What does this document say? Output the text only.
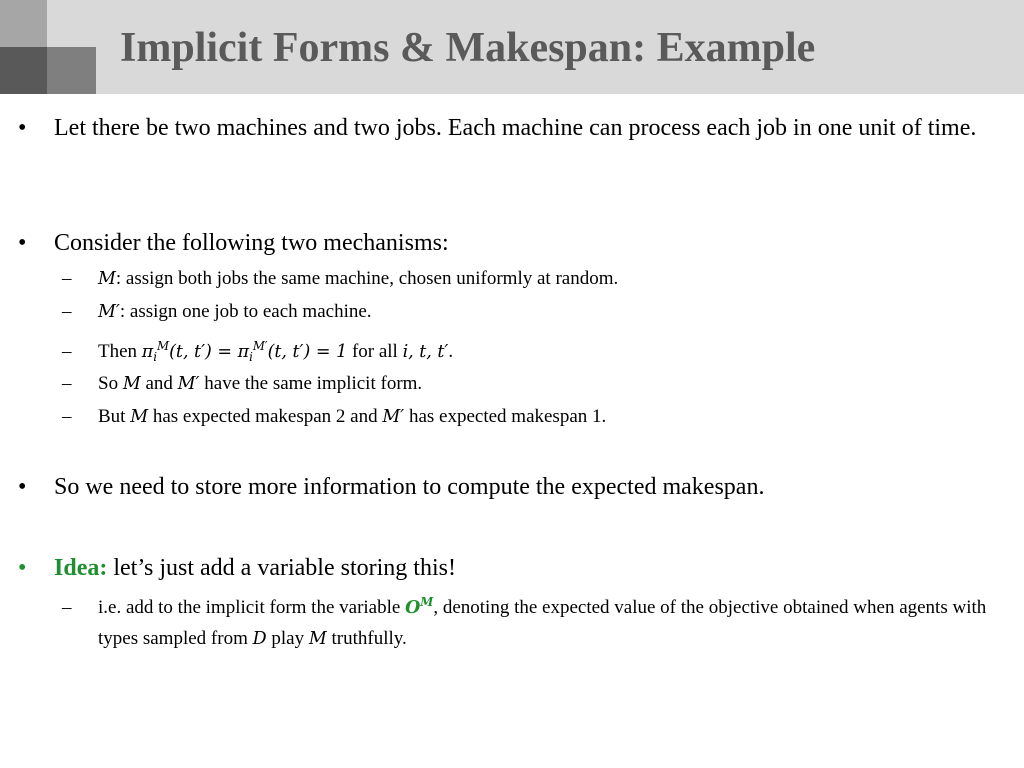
Implicit Forms & Makespan: Example
•	Let there be two machines and two jobs. Each machine can process each job in one unit of time.
•	Consider the following two mechanisms:
–	M: assign both jobs the same machine, chosen uniformly at random.
–	M′: assign one job to each machine.
–	Then $\pi_i^M(t$, $t') = \pi_i^{M'}(t$, t′) = 1 for all i, t, t′.
–	So M and M′ have the same implicit form.
–	But M has expected makespan 2 and M′ has expected makespan 1.
•	So we need to store more information to compute the expected makespan.
•	Idea: let’s just add a variable storing this!
–	i.e. add to the implicit form the variable $O^M$, denoting the expected value of the objective obtained when agents with types sampled from D play M truthfully.
